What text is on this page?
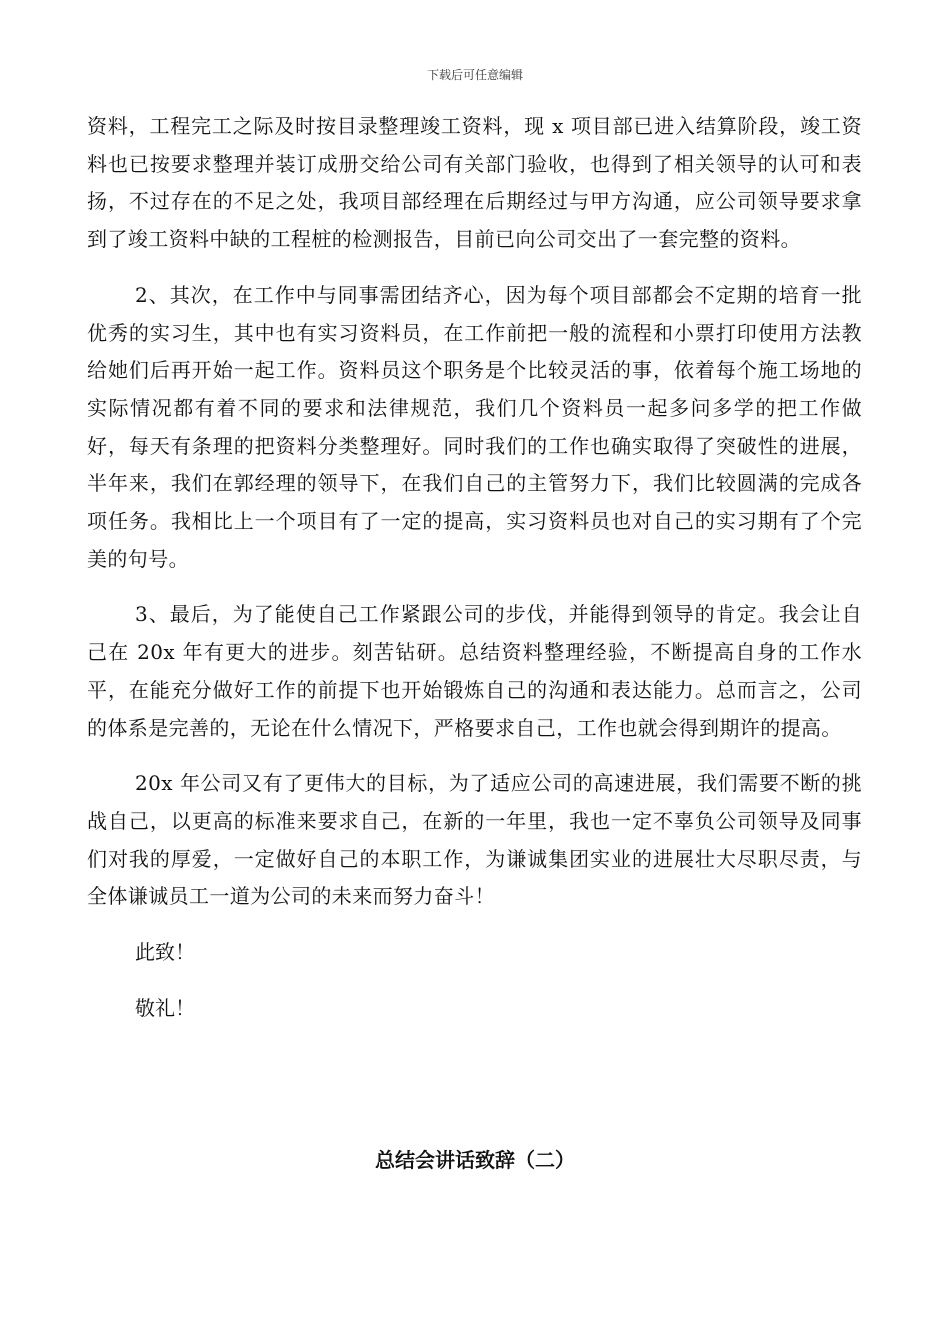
下载后可任意编辑

资料，工程完工之际及时按目录整理竣工资料，现 x 项目部已进入结算阶段，竣工资料也已按要求整理并装订成册交给公司有关部门验收，也得到了相关领导的认可和表扬，不过存在的不足之处，我项目部经理在后期经过与甲方沟通，应公司领导要求拿到了竣工资料中缺的工程桩的检测报告，目前已向公司交出了一套完整的资料。

2、其次，在工作中与同事需团结齐心，因为每个项目部都会不定期的培育一批优秀的实习生，其中也有实习资料员，在工作前把一般的流程和小票打印使用方法教给她们后再开始一起工作。资料员这个职务是个比较灵活的事，依着每个施工场地的实际情况都有着不同的要求和法律规范，我们几个资料员一起多问多学的把工作做好，每天有条理的把资料分类整理好。同时我们的工作也确实取得了突破性的进展，半年来，我们在郭经理的领导下，在我们自己的主管努力下，我们比较圆满的完成各项任务。我相比上一个项目有了一定的提高，实习资料员也对自己的实习期有了个完美的句号。

3、最后，为了能使自己工作紧跟公司的步伐，并能得到领导的肯定。我会让自己在 20x 年有更大的进步。刻苦钻研。总结资料整理经验，不断提高自身的工作水平，在能充分做好工作的前提下也开始锻炼自己的沟通和表达能力。总而言之，公司的体系是完善的，无论在什么情况下，严格要求自己，工作也就会得到期许的提高。

20x 年公司又有了更伟大的目标，为了适应公司的高速进展，我们需要不断的挑战自己，以更高的标准来要求自己，在新的一年里，我也一定不辜负公司领导及同事们对我的厚爱，一定做好自己的本职工作，为谦诚集团实业的进展壮大尽职尽责，与全体谦诚员工一道为公司的未来而努力奋斗！

此致！

敬礼！

总结会讲话致辞（二）
